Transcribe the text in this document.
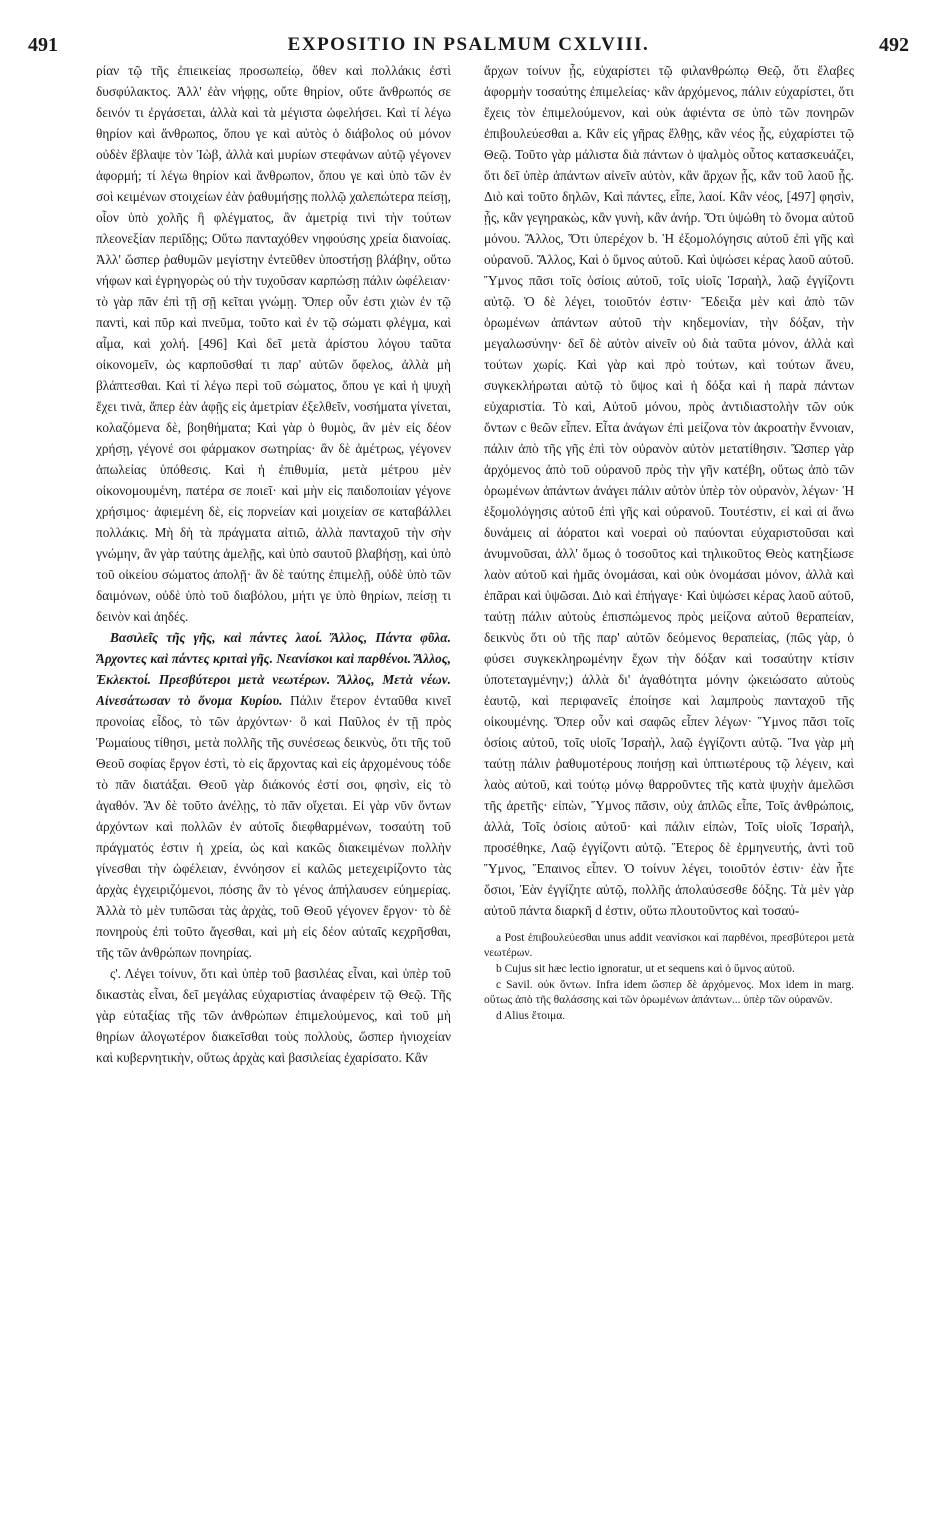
491	EXPOSITIO IN PSALMUM CXLVIII.	492

ρίαν τῷ τῆς ἐπιεικείας προσωπείῳ, ὅθεν καὶ πολλάκις ἐστὶ δυσφύλακτος. Ἀλλ' ἐὰν νήφῃς, οὔτε θηρίον, οὔτε ἄνθρωπός σε δεινόν τι ἐργάσεται, ἀλλὰ καὶ τὰ μέγιστα ὠφελήσει. Καὶ τί λέγω θηρίον καὶ ἄνθρωπος, ὅπου γε καὶ αὐτὸς ὁ διάβολος οὐ μόνον οὐδὲν ἔβλαψε τὸν Ἰὼβ, ἀλλὰ καὶ μυρίων στεφάνων αὐτῷ γέγονεν ἀφορμή; τί λέγω θηρίον καὶ ἄνθρωπον, ὅπου γε καὶ ὑπὸ τῶν ἐν σοὶ κειμένων στοιχείων ἐὰν ῥαθυμήσῃς πολλῷ χαλεπώτερα πείσῃ, οἷον ὑπὸ χολῆς ἢ φλέγματος, ἂν ἀμετρίᾳ τινὶ τὴν τούτων πλεονεξίαν περιΐδῃς; Οὕτω πανταχόθεν νηφούσης χρεία διανοίας. Ἀλλ' ὥσπερ ῥαθυμῶν μεγίστην ἐντεῦθεν ὑποστήσῃ βλάβην, οὕτω νήφων καὶ ἐγρηγορὼς οὐ τὴν τυχοῦσαν καρπώσῃ πάλιν ὠφέλειαν· τὸ γὰρ πᾶν ἐπὶ τῇ σῇ κεῖται γνώμῃ. Ὅπερ οὖν ἐστι χιὼν ἐν τῷ παντὶ, καὶ πῦρ καὶ πνεῦμα, τοῦτο καὶ ἐν τῷ σώματι φλέγμα, καὶ αἷμα, καὶ χολή. [496] Καὶ δεῖ μετὰ ἀρίστου λόγου ταῦτα οἰκονομεῖν, ὡς καρποῦσθαί τι παρ' αὐτῶν ὄφελος, ἀλλὰ μὴ βλάπτεσθαι. Καὶ τί λέγω περὶ τοῦ σώματος, ὅπου γε καὶ ἡ ψυχὴ ἔχει τινὰ, ἅπερ ἐὰν ἀφῇς εἰς ἀμετρίαν ἐξελθεῖν, νοσήματα γίνεται, κολαζόμενα δὲ, βοηθήματα; Καὶ γὰρ ὁ θυμὸς, ἂν μὲν εἰς δέον χρήσῃ, γέγονέ σοι φάρμακον σωτηρίας· ἂν δὲ ἀμέτρως, γέγονεν ἀπωλείας ὑπόθεσις. Καὶ ἡ ἐπιθυμία, μετὰ μέτρου μὲν οἰκονομουμένη, πατέρα σε ποιεῖ· καὶ μὴν εἰς παιδοποιίαν γέγονε χρήσιμος· ἀφιεμένη δὲ, εἰς πορνείαν καὶ μοιχείαν σε καταβάλλει πολλάκις. Μὴ δὴ τὰ πράγματα αἰτιῶ, ἀλλὰ πανταχοῦ τὴν σὴν γνώμην, ἂν γὰρ ταύτης ἀμελῇς, καὶ ὑπὸ σαυτοῦ βλαβήσῃ, καὶ ὑπὸ τοῦ οἰκείου σώματος ἀπολῇ· ἂν δὲ ταύτης ἐπιμελῇ, οὐδὲ ὑπὸ τῶν δαιμόνων, οὐδὲ ὑπὸ τοῦ διαβόλου, μήτι γε ὑπὸ θηρίων, πείσῃ τι δεινὸν καὶ ἀηδές.

Βασιλεῖς τῆς γῆς, καὶ πάντες λαοί. Ἄλλος, Πάντα φῦλα. Ἄρχοντες καὶ πάντες κριταὶ γῆς. Νεανίσκοι καὶ παρθένοι. Ἄλλος, Ἐκλεκτοί. Πρεσβύτεροι μετὰ νεωτέρων. Ἄλλος, Μετὰ νέων. Αἰνεσάτωσαν τὸ ὄνομα Κυρίου. Πάλιν ἕτερον ἐνταῦθα κινεῖ προνοίας εἶδος, τὸ τῶν ἀρχόντων· ὃ καὶ Παῦλος ἐν τῇ πρὸς Ῥωμαίους τίθησι, μετὰ πολλῆς τῆς συνέσεως δεικνὺς, ὅτι τῆς τοῦ Θεοῦ σοφίας ἔργον ἐστὶ, τὸ εἰς ἄρχοντας καὶ εἰς ἀρχομένους τόδε τὸ πᾶν διατάξαι. Θεοῦ γὰρ διάκονός ἐστί σοι, φησὶν, εἰς τὸ ἀγαθόν. Ἂν δὲ τοῦτο ἀνέλῃς, τὸ πᾶν οἴχεται. Εἰ γὰρ νῦν ὄντων ἀρχόντων καὶ πολλῶν ἐν αὐτοῖς διεφθαρμένων, τοσαύτη τοῦ πράγματός ἐστιν ἡ χρεία, ὡς καὶ κακῶς διακειμένων πολλὴν γίνεσθαι τὴν ὠφέλειαν, ἐννόησον εἰ καλῶς μετεχειρίζοντο τὰς ἀρχὰς ἐγχειριζόμενοι, πόσης ἂν τὸ γένος ἀπήλαυσεν εὐημερίας. Ἀλλὰ τὸ μὲν τυπῶσαι τὰς ἀρχὰς, τοῦ Θεοῦ γέγονεν ἔργον· τὸ δὲ πονηροὺς ἐπὶ τοῦτο ἄγεσθαι, καὶ μὴ εἰς δέον αὐταῖς κεχρῆσθαι, τῆς τῶν ἀνθρώπων πονηρίας.

ς'. Λέγει τοίνυν, ὅτι καὶ ὑπὲρ τοῦ βασιλέας εἶναι, καὶ ὑπὲρ τοῦ δικαστὰς εἶναι, δεῖ μεγάλας εὐχαριστίας ἀναφέρειν τῷ Θεῷ. Τῆς γὰρ εὐταξίας τῆς τῶν ἀνθρώπων ἐπιμελούμενος, καὶ τοῦ μὴ θηρίων ἀλογωτέρον διακεῖσθαι τοὺς πολλοὺς, ὥσπερ ἡνιοχείαν καὶ κυβερνητικὴν, οὕτως ἀρχὰς καὶ βασιλείας ἐχαρίσατο. Κἂν

ἄρχων τοίνυν ᾖς, εὐχαρίστει τῷ φιλανθρώπῳ Θεῷ, ὅτι ἔλαβες ἀφορμὴν τοσαύτης ἐπιμελείας· κἂν ἀρχόμενος, πάλιν εὐχαρίστει, ὅτι ἔχεις τὸν ἐπιμελούμενον, καὶ οὐκ ἀφιέντα σε ὑπὸ τῶν πονηρῶν ἐπιβουλεύεσθαι a. Κἂν εἰς γῆρας ἔλθῃς, κἂν νέος ᾖς, εὐχαρίστει τῷ Θεῷ. Τοῦτο γὰρ μάλιστα διὰ πάντων ὁ ψαλμὸς οὗτος κατασκευάζει, ὅτι δεῖ ὑπὲρ ἁπάντων αἰνεῖν αὐτὸν, κἂν ἄρχων ᾖς, κἂν τοῦ λαοῦ ᾖς. Διὸ καὶ τοῦτο δηλῶν, Καὶ πάντες, εἶπε, λαοί. Κἂν νέος, [497] φησὶν, ᾖς, κἂν γεγηρακὼς, κἂν γυνὴ, κἂν ἀνήρ. Ὅτι ὑψώθη τὸ ὄνομα αὐτοῦ μόνου. Ἄλλος, Ὅτι ὑπερέχον b. Ἡ ἐξομολόγησις αὐτοῦ ἐπὶ γῆς καὶ οὐρανοῦ. Ἄλλος, Καὶ ὁ ὕμνος αὐτοῦ. Καὶ ὑψώσει κέρας λαοῦ αὐτοῦ. Ὕμνος πᾶσι τοῖς ὁσίοις αὐτοῦ, τοῖς υἱοῖς Ἰσραὴλ, λαῷ ἐγγίζοντι αὐτῷ. Ὁ δὲ λέγει, τοιοῦτόν ἐστιν· Ἔδειξα μὲν καὶ ἀπὸ τῶν ὁρωμένων ἁπάντων αὐτοῦ τὴν κηδεμονίαν, τὴν δόξαν, τὴν μεγαλωσύνην· δεῖ δὲ αὐτὸν αἰνεῖν οὐ διὰ ταῦτα μόνον, ἀλλὰ καὶ τούτων χωρίς. Καὶ γὰρ καὶ πρὸ τούτων, καὶ τούτων ἄνευ, συγκεκλήρωται αὐτῷ τὸ ὕψος καὶ ἡ δόξα καὶ ἡ παρὰ πάντων εὐχαριστία. Τὸ καὶ, Αὐτοῦ μόνου, πρὸς ἀντιδιαστολὴν τῶν οὐκ ὄντων c θεῶν εἶπεν. Εἶτα ἀνάγων ἐπὶ μείζονα τὸν ἀκροατὴν ἔννοιαν, πάλιν ἀπὸ τῆς γῆς ἐπὶ τὸν οὐρανὸν αὐτὸν μετατίθησιν. Ὥσπερ γὰρ ἀρχόμενος ἀπὸ τοῦ οὐρανοῦ πρὸς τὴν γῆν κατέβη, οὕτως ἀπὸ τῶν ὁρωμένων ἁπάντων ἀνάγει πάλιν αὐτὸν ὑπὲρ τὸν οὐρανὸν, λέγων· Ἡ ἐξομολόγησις αὐτοῦ ἐπὶ γῆς καὶ οὐρανοῦ. Τουτέστιν, εἰ καὶ αἱ ἄνω δυνάμεις αἱ ἀόρατοι καὶ νοεραὶ οὐ παύονται εὐχαριστοῦσαι καὶ ἀνυμνοῦσαι, ἀλλ' ὅμως ὁ τοσοῦτος καὶ τηλικοῦτος Θεὸς κατηξίωσε λαὸν αὐτοῦ καὶ ἡμᾶς ὀνομάσαι, καὶ οὐκ ὀνομάσαι μόνον, ἀλλὰ καὶ ἐπᾶραι καὶ ὑψῶσαι. Διὸ καὶ ἐπήγαγε· Καὶ ὑψώσει κέρας λαοῦ αὐτοῦ, ταύτῃ πάλιν αὐτοὺς ἐπισπώμενος πρὸς μείζονα αὐτοῦ θεραπείαν, δεικνὺς ὅτι οὐ τῆς παρ' αὐτῶν δεόμενος θεραπείας, (πῶς γὰρ, ὁ φύσει συγκεκληρωμένην ἔχων τὴν δόξαν καὶ τοσαύτην κτίσιν ὑποτεταγμένην;) ἀλλὰ δι' ἀγαθότητα μόνην ᾠκειώσατο αὐτοὺς ἑαυτῷ, καὶ περιφανεῖς ἐποίησε καὶ λαμπροὺς πανταχοῦ τῆς οἰκουμένης. Ὅπερ οὖν καὶ σαφῶς εἶπεν λέγων· Ὕμνος πᾶσι τοῖς ὁσίοις αὐτοῦ, τοῖς υἱοῖς Ἰσραὴλ, λαῷ ἐγγίζοντι αὐτῷ. Ἵνα γὰρ μὴ ταύτῃ πάλιν ῥαθυμοτέρους ποιήσῃ καὶ ὑπτιωτέρους τῷ λέγειν, καὶ λαὸς αὐτοῦ, καὶ τούτῳ μόνῳ θαρροῦντες τῆς κατὰ ψυχὴν ἀμελῶσι τῆς ἀρετῆς· εἰπὼν, Ὕμνος πᾶσιν, οὐχ ἁπλῶς εἶπε, Τοῖς ἀνθρώποις, ἀλλὰ, Τοῖς ὁσίοις αὐτοῦ· καὶ πάλιν εἰπὼν, Τοῖς υἱοῖς Ἰσραὴλ, προσέθηκε, Λαῷ ἐγγίζοντι αὐτῷ. Ἕτερος δὲ ἑρμηνευτής, ἀντὶ τοῦ Ὕμνος, Ἔπαινος εἶπεν. Ὁ τοίνυν λέγει, τοιοῦτόν ἐστιν· ἐὰν ἦτε ὅσιοι, Ἐὰν ἐγγίζητε αὐτῷ, πολλῆς ἀπολαύσεσθε δόξης. Τὰ μὲν γὰρ αὐτοῦ πάντα διαρκῆ d ἐστιν, οὕτω πλουτοῦντος καὶ τοσαύ-

a Post ἐπιβουλεύεσθαι unus addit νεανίσκοι καὶ παρθένοι, πρεσβύτεροι μετὰ νεωτέρων.

b Cujus sit hæc lectio ignoratur, ut et sequens καὶ ὁ ὕμνος αὐτοῦ.

c Savil. οὐκ ὄντων. Infra idem ὥσπερ δὲ ἀρχόμενος. Mox idem in marg. οὕτως ἀπὸ τῆς θαλάσσης καὶ τῶν ὁρωμένων ἁπάντων... ὑπὲρ τῶν οὐρανῶν.

d Alius ἔτοιμα.
